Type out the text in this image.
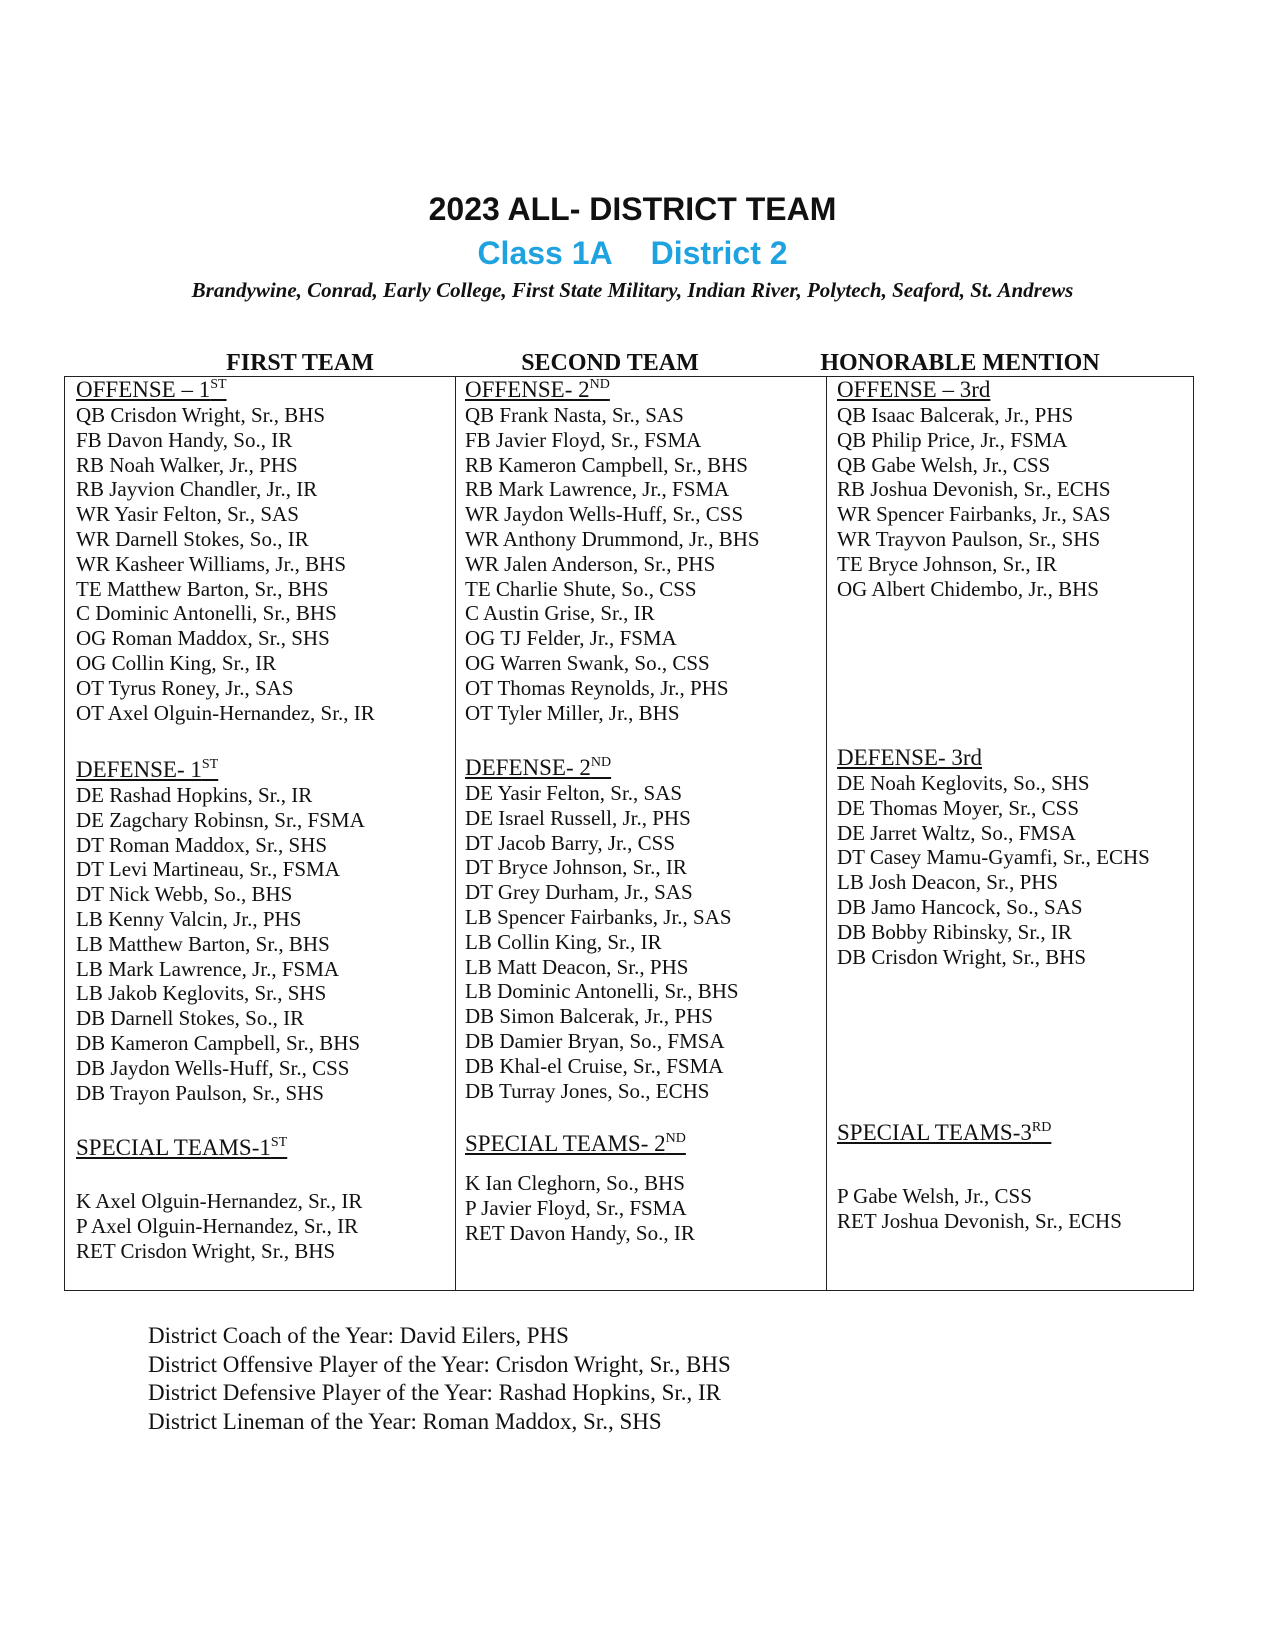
2023 ALL- DISTRICT TEAM
Class 1A District 2
Brandywine, Conrad, Early College, First State Military, Indian River, Polytech, Seaford, St. Andrews
FIRST TEAM	SECOND TEAM	HONORABLE MENTION
OFFENSE – 1ST
QB Crisdon Wright, Sr., BHS
FB Davon Handy, So., IR
RB Noah Walker, Jr., PHS
RB Jayvion Chandler, Jr., IR
WR Yasir Felton, Sr., SAS
WR Darnell Stokes, So., IR
WR Kasheer Williams, Jr., BHS
TE Matthew Barton, Sr., BHS
C Dominic Antonelli, Sr., BHS
OG Roman Maddox, Sr., SHS
OG Collin King, Sr., IR
OT Tyrus Roney, Jr., SAS
OT Axel Olguin-Hernandez, Sr., IR
DEFENSE- 1ST
DE Rashad Hopkins, Sr., IR
DE Zagchary Robinsn, Sr., FSMA
DT Roman Maddox, Sr., SHS
DT Levi Martineau, Sr., FSMA
DT Nick Webb, So., BHS
LB Kenny Valcin, Jr., PHS
LB Matthew Barton, Sr., BHS
LB Mark Lawrence, Jr., FSMA
LB Jakob Keglovits, Sr., SHS
DB Darnell Stokes, So., IR
DB Kameron Campbell, Sr., BHS
DB Jaydon Wells-Huff, Sr., CSS
DB Trayon Paulson, Sr., SHS
SPECIAL TEAMS-1ST
K Axel Olguin-Hernandez, Sr., IR
P Axel Olguin-Hernandez, Sr., IR
RET Crisdon Wright, Sr., BHS
OFFENSE- 2ND
QB Frank Nasta, Sr., SAS
FB Javier Floyd, Sr., FSMA
RB Kameron Campbell, Sr., BHS
RB Mark Lawrence, Jr., FSMA
WR Jaydon Wells-Huff, Sr., CSS
WR Anthony Drummond, Jr., BHS
WR Jalen Anderson, Sr., PHS
TE Charlie Shute, So., CSS
C Austin Grise, Sr., IR
OG TJ Felder, Jr., FSMA
OG Warren Swank, So., CSS
OT Thomas Reynolds, Jr., PHS
OT Tyler Miller, Jr., BHS
DEFENSE- 2ND
DE Yasir Felton, Sr., SAS
DE Israel Russell, Jr., PHS
DT Jacob Barry, Jr., CSS
DT Bryce Johnson, Sr., IR
DT Grey Durham, Jr., SAS
LB Spencer Fairbanks, Jr., SAS
LB Collin King, Sr., IR
LB Matt Deacon, Sr., PHS
LB Dominic Antonelli, Sr., BHS
DB Simon Balcerak, Jr., PHS
DB Damier Bryan, So., FMSA
DB Khal-el Cruise, Sr., FSMA
DB Turray Jones, So., ECHS
SPECIAL TEAMS- 2ND
K Ian Cleghorn, So., BHS
P Javier Floyd, Sr., FSMA
RET Davon Handy, So., IR
OFFENSE – 3rd
QB Isaac Balcerak, Jr., PHS
QB Philip Price, Jr., FSMA
QB Gabe Welsh, Jr., CSS
RB Joshua Devonish, Sr., ECHS
WR Spencer Fairbanks, Jr., SAS
WR Trayvon Paulson, Sr., SHS
TE Bryce Johnson, Sr., IR
OG Albert Chidembo, Jr., BHS
DEFENSE- 3rd
DE Noah Keglovits, So., SHS
DE Thomas Moyer, Sr., CSS
DE Jarret Waltz, So., FMSA
DT Casey Mamu-Gyamfi, Sr., ECHS
LB Josh Deacon, Sr., PHS
DB Jamo Hancock, So., SAS
DB Bobby Ribinsky, Sr., IR
DB Crisdon Wright, Sr., BHS
SPECIAL TEAMS-3RD
P Gabe Welsh, Jr., CSS
RET Joshua Devonish, Sr., ECHS
District Coach of the Year: David Eilers, PHS
District Offensive Player of the Year: Crisdon Wright, Sr., BHS
District Defensive Player of the Year: Rashad Hopkins, Sr., IR
District Lineman of the Year: Roman Maddox, Sr., SHS
